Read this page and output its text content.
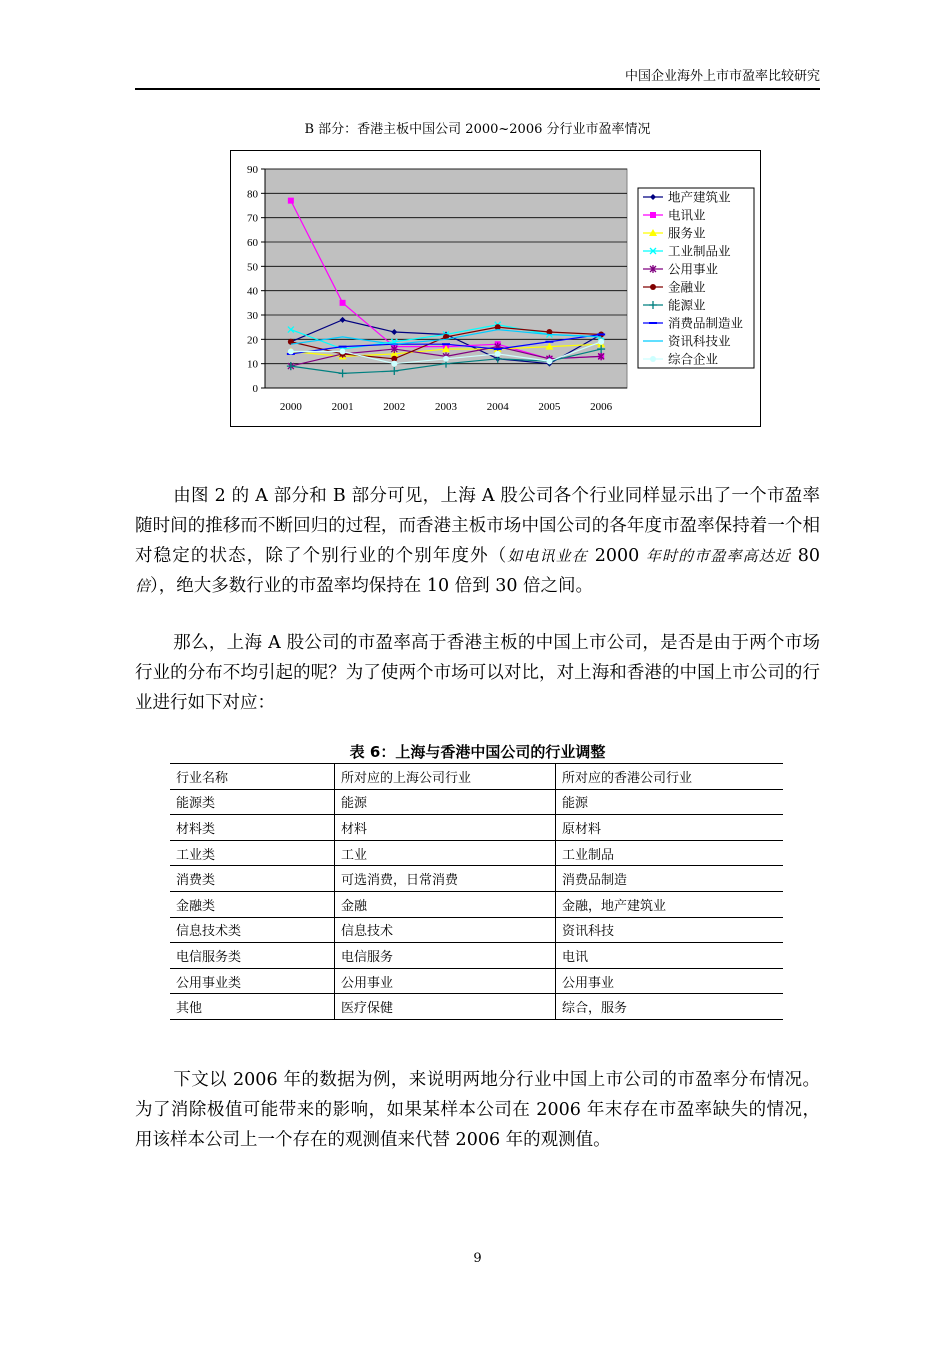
中国企业海外上市市盈率比较研究
B 部分：香港主板中国公司 2000~2006 分行业市盈率情况
0
10
20
30
40
50
60
70
80
90
2000	2001	2002	2003	2004	2005	2006
地产建筑业
电讯业
服务业
工业制品业
公用事业
金融业
能源业
消费品制造业
资讯科技业
综合企业

由图 2 的 A 部分和 B 部分可见，上海 A 股公司各个行业同样显示出了一个市盈率随时间的推移而不断回归的过程，而香港主板市场中国公司的各年度市盈率保持着一个相对稳定的状态，除了个别行业的个别年度外（如电讯业在 2000 年时的市盈率高达近 80 倍），绝大多数行业的市盈率均保持在 10 倍到 30 倍之间。

那么，上海 A 股公司的市盈率高于香港主板的中国上市公司，是否是由于两个市场行业的分布不均引起的呢？为了使两个市场可以对比，对上海和香港的中国上市公司的行业进行如下对应：

表 6：上海与香港中国公司的行业调整
行业名称	所对应的上海公司行业	所对应的香港公司行业
能源类	能源	能源
材料类	材料	原材料
工业类	工业	工业制品
消费类	可选消费，日常消费	消费品制造
金融类	金融	金融，地产建筑业
信息技术类	信息技术	资讯科技
电信服务类	电信服务	电讯
公用事业类	公用事业	公用事业
其他	医疗保健	综合，服务

下文以 2006 年的数据为例，来说明两地分行业中国上市公司的市盈率分布情况。为了消除极值可能带来的影响，如果某样本公司在 2006 年末存在市盈率缺失的情况，用该样本公司上一个存在的观测值来代替 2006 年的观测值。

9
